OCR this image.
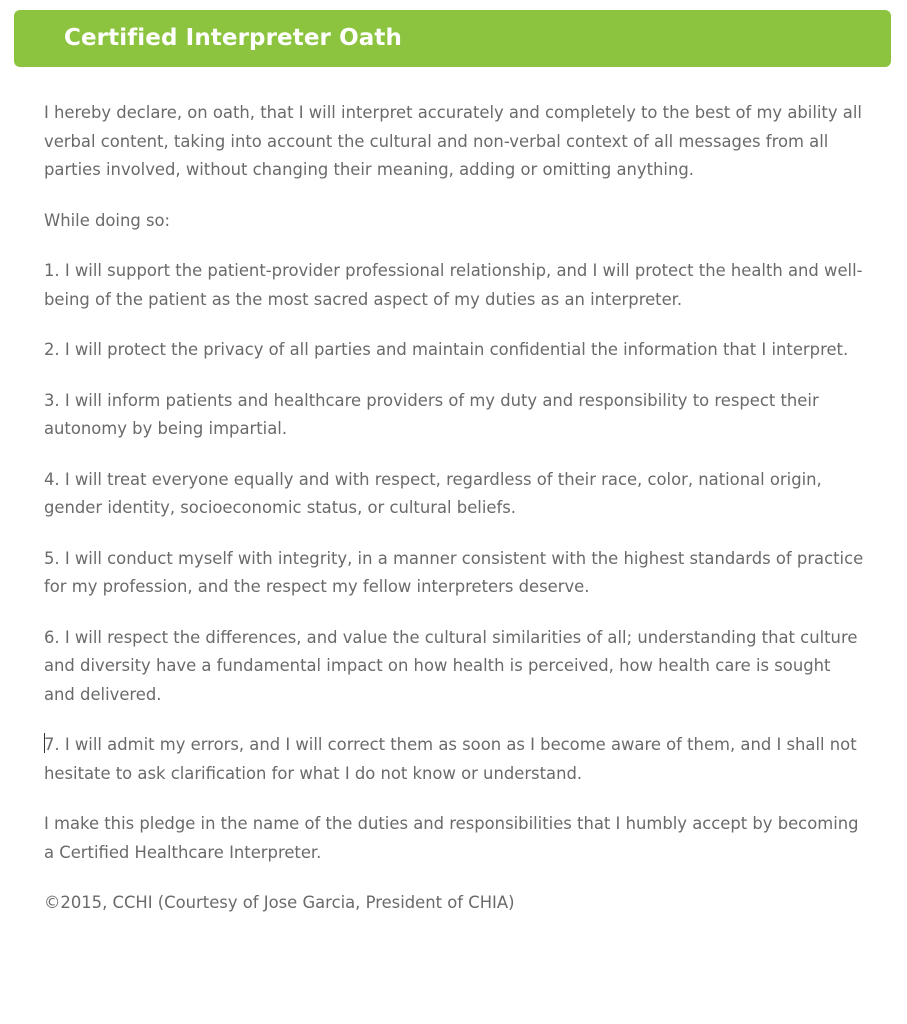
Certified Interpreter Oath

I hereby declare, on oath, that I will interpret accurately and completely to the best of my ability all verbal content, taking into account the cultural and non-verbal context of all messages from all parties involved, without changing their meaning, adding or omitting anything.

While doing so:

1. I will support the patient-provider professional relationship, and I will protect the health and well-being of the patient as the most sacred aspect of my duties as an interpreter.

2. I will protect the privacy of all parties and maintain confidential the information that I interpret.

3. I will inform patients and healthcare providers of my duty and responsibility to respect their autonomy by being impartial.

4. I will treat everyone equally and with respect, regardless of their race, color, national origin, gender identity, socioeconomic status, or cultural beliefs.

5. I will conduct myself with integrity, in a manner consistent with the highest standards of practice for my profession, and the respect my fellow interpreters deserve.

6. I will respect the differences, and value the cultural similarities of all; understanding that culture and diversity have a fundamental impact on how health is perceived, how health care is sought and delivered.

7. I will admit my errors, and I will correct them as soon as I become aware of them, and I shall not hesitate to ask clarification for what I do not know or understand.

I make this pledge in the name of the duties and responsibilities that I humbly accept by becoming a Certified Healthcare Interpreter.

©2015, CCHI (Courtesy of Jose Garcia, President of CHIA)
